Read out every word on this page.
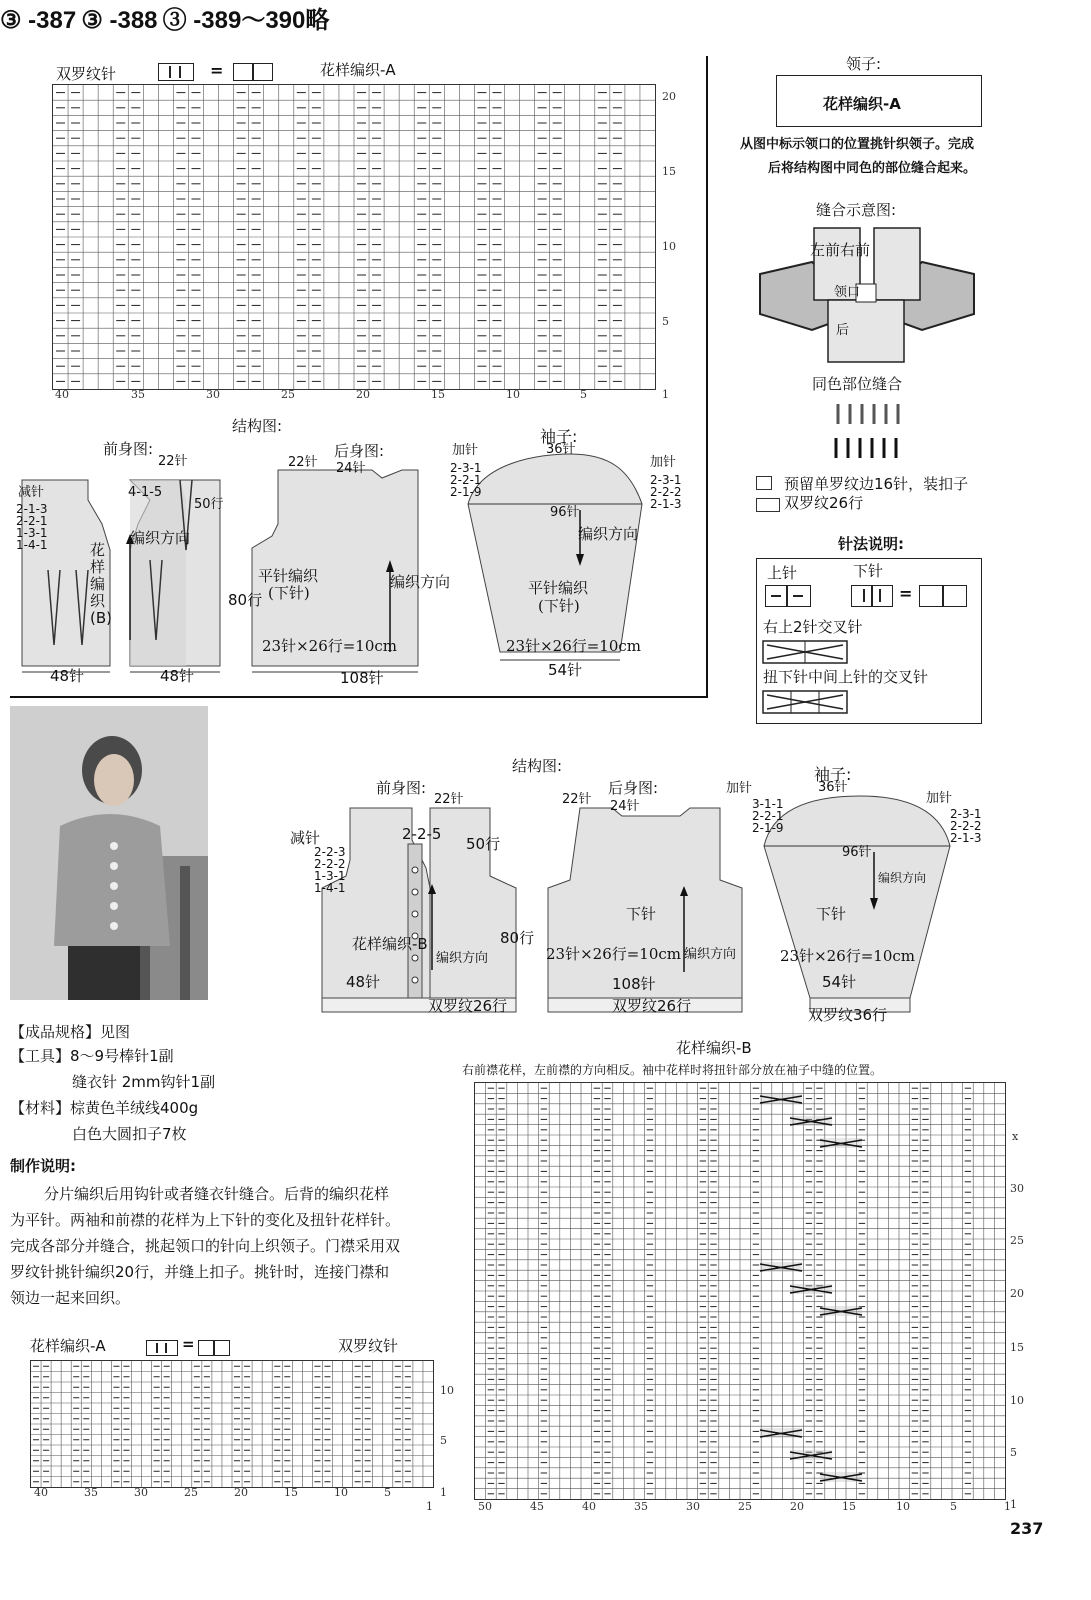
双罗纹针	=	花样编织-A
20
15
10
5
1
40	35	30	25	20	15	10	5
领子:
花样编织-A
从图中标示领口的位置挑针织领子。完成
后将结构图中同色的部位缝合起来。
缝合示意图:
左前右前
领口
后
同色部位缝合
预留单罗纹边16针，装扣子
双罗纹26行
针法说明:
上针	下针
=
右上2针交叉针
扭下针中间上针的交叉针
③ -387
结构图:
前身图:
22针
减针
2-1-3
2-2-1
1-3-1
1-4-1
4-1-5
50行
编织方向
花样编织(B)
48针	48针
后身图:
22针 24针
平针编织
(下针)
编织方向
80行
23针×26行=10cm
108针
袖子:
36针
加针
2-3-1
2-2-1
2-1-9
加针
2-3-1
2-2-2
2-1-3
96针
编织方向
平针编织
(下针)
23针×26行=10cm
54针
③ -388
结构图:
前身图:
22针
减针
2-2-3
2-2-2
1-3-1
1-4-1
2-2-5
50行
花样编织-B
编织方向
80行
48针
双罗纹26行
后身图:
22针 24针
下针
23针×26行=10cm 编织方向
108针
双罗纹26行
袖子:
36针
加针
3-1-1
2-2-1
2-1-9
加针
2-3-1
2-2-2
2-1-3
96针
编织方向
下针
23针×26行=10cm
54针
双罗纹36行
【成品规格】见图
【工具】8～9号棒针1副
缝衣针 2mm钩针1副
【材料】棕黄色羊绒线400g
白色大圆扣子7枚
③ -389～390略
制作说明:
分片编织后用钩针或者缝衣针缝合。后背的编织花样
为平针。两袖和前襟的花样为上下针的变化及扭针花样针。
完成各部分并缝合，挑起领口的针向上织领子。门襟采用双
罗纹针挑针编织20行，并缝上扣子。挑针时，连接门襟和
领边一起来回织。
花样编织-A	=	双罗纹针
10
5
1
40	35	30	25	20	15	10	5
1
花样编织-B
右前襟花样，左前襟的方向相反。袖中花样时将扭针部分放在袖子中缝的位置。
x
30
25
20
15
10
5
1
50	45	40	35	30	25	20	15	10	5	1
237
